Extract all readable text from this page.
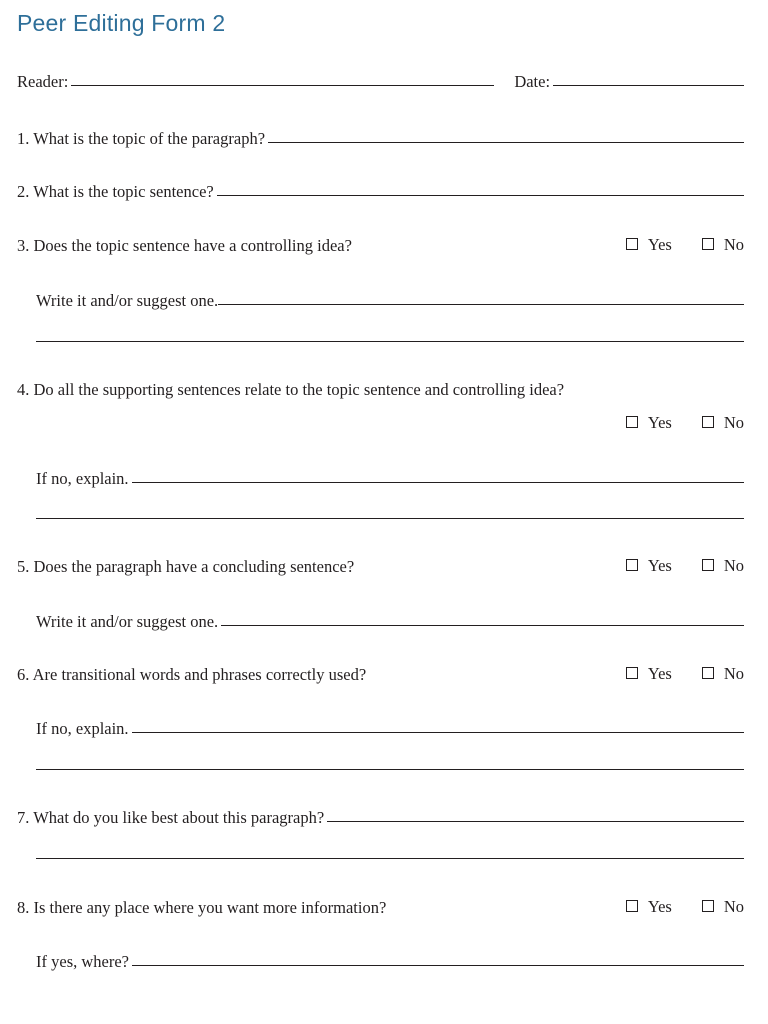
Peer Editing Form 2
Reader:	Date:
1. What is the topic of the paragraph?
2. What is the topic sentence?
3. Does the topic sentence have a controlling idea?	Yes	No
Write it and/or suggest one.
4. Do all the supporting sentences relate to the topic sentence and controlling idea?
Yes	No
If no, explain.
5. Does the paragraph have a concluding sentence?	Yes	No
Write it and/or suggest one.
6. Are transitional words and phrases correctly used?	Yes	No
If no, explain.
7. What do you like best about this paragraph?
8. Is there any place where you want more information?	Yes	No
If yes, where?
